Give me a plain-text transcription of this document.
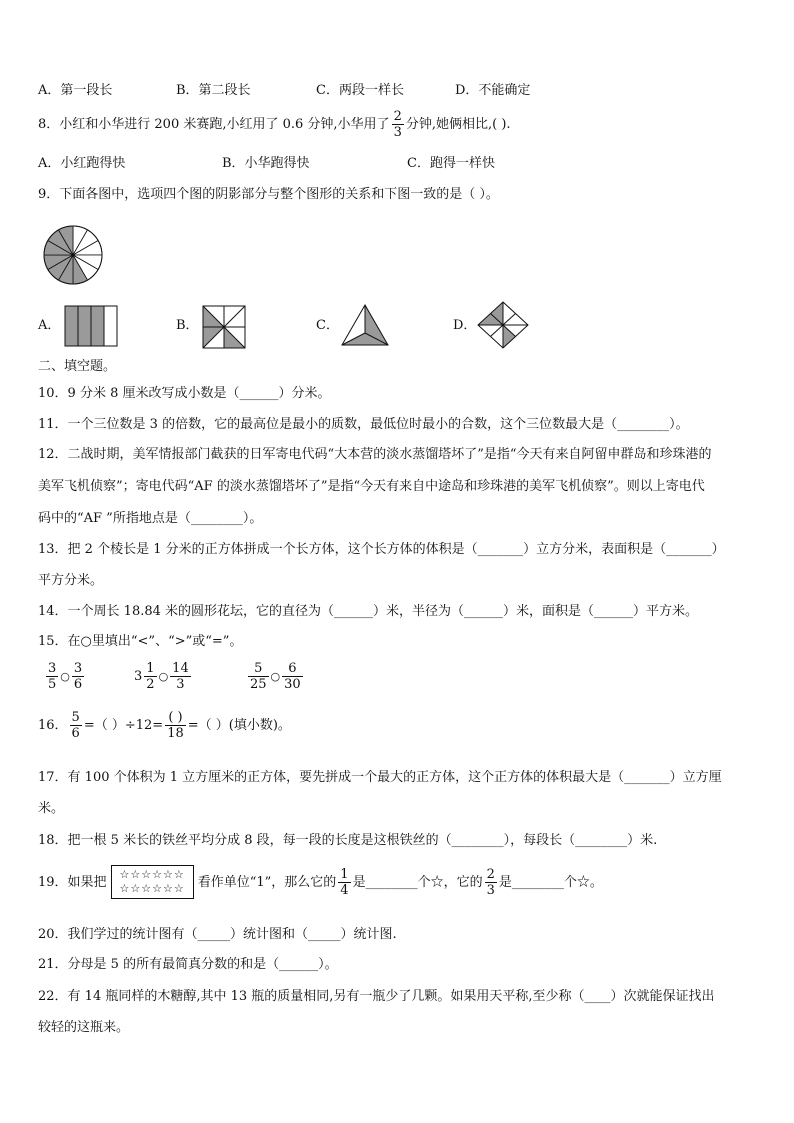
A．第一段长	B．第二段长	C．两段一样长	D．不能确定
8．小红和小华进行 200 米赛跑,小红用了 0.6 分钟,小华用了 $\frac{2}{3}$ 分钟,她俩相比,( ).
A．小红跑得快	B．小华跑得快	C．跑得一样快
9．下面各图中，选项四个图的阴影部分与整个图形的关系和下图一致的是（ ）。
A．	B．	C．	D．
二、填空题。
10．9 分米 8 厘米改写成小数是（______）分米。
11．一个三位数是 3 的倍数，它的最高位是最小的质数，最低位时最小的合数，这个三位数最大是（________）。
12．二战时期，美军情报部门截获的日军寄电代码“大本营的淡水蒸馏塔坏了”是指“今天有来自阿留申群岛和珍珠港的
美军飞机侦察”；寄电代码“AF 的淡水蒸馏塔坏了”是指“今天有来自中途岛和珍珠港的美军飞机侦察”。则以上寄电代
码中的“AF ”所指地点是（________）。
13．把 2 个棱长是 1 分米的正方体拼成一个长方体，这个长方体的体积是（_______）立方分米，表面积是（_______）
平方分米。
14．一个周长 18.84 米的圆形花坛，它的直径为（______）米，半径为（______）米，面积是（______）平方米。
15．在○里填出“<”、“>”或“=”。
$\frac{3}{5}$ ○ $\frac{3}{6}$	$3 \frac{1}{2}$ ○ $\frac{14}{3}$	$\frac{5}{25}$ ○ $\frac{6}{30}$
16． $\frac{5}{6}$ =（ ）$\div 12= \frac{( )}{18}$ =（ ）(填小数)。
17．有 100 个体积为 1 立方厘米的正方体，要先拼成一个最大的正方体，这个正方体的体积最大是（_______）立方厘
米。
18．把一根 5 米长的铁丝平均分成 8 段，每一段的长度是这根铁丝的（________），每段长（________）米.
19．如果把 ☆☆☆☆☆☆
☆☆☆☆☆☆ 看作单位“1”，那么它的 $\frac{1}{4}$ 是________个☆，它的 $\frac{2}{3}$ 是________个☆。
20．我们学过的统计图有（_____）统计图和（_____）统计图.
21．分母是 5 的所有最简真分数的和是（______）。
22．有 14 瓶同样的木糖醇,其中 13 瓶的质量相同,另有一瓶少了几颗。如果用天平称,至少称（____）次就能保证找出
较轻的这瓶来。
